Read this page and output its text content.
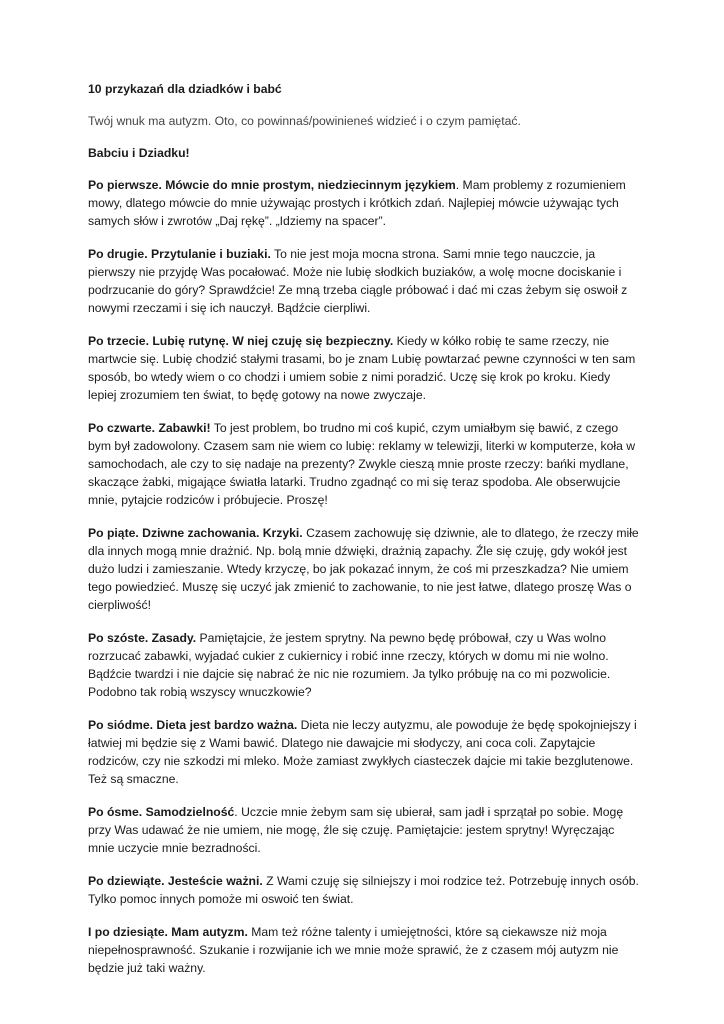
10 przykazań dla dziadków i babć

Twój wnuk ma autyzm. Oto, co powinnaś/powinieneś widzieć i o czym pamiętać.

Babciu i Dziadku!

Po pierwsze. Mówcie do mnie prostym, niedziecinnym językiem. Mam problemy z rozumieniem mowy, dlatego mówcie do mnie używając prostych i krótkich zdań. Najlepiej mówcie używając tych samych słów i zwrotów „Daj rękę”. „Idziemy na spacer”.

Po drugie. Przytulanie i buziaki. To nie jest moja mocna strona. Sami mnie tego nauczcie, ja pierwszy nie przyjdę Was pocałować. Może nie lubię słodkich buziaków, a wolę mocne dociskanie i podrzucanie do góry? Sprawdźcie! Ze mną trzeba ciągle próbować i dać mi czas żebym się oswoił z nowymi rzeczami i się ich nauczył. Bądźcie cierpliwi.

Po trzecie. Lubię rutynę. W niej czuję się bezpieczny. Kiedy w kółko robię te same rzeczy, nie martwcie się. Lubię chodzić stałymi trasami, bo je znam Lubię powtarzać pewne czynności w ten sam sposób, bo wtedy wiem o co chodzi i umiem sobie z nimi poradzić. Uczę się krok po kroku. Kiedy lepiej zrozumiem ten świat, to będę gotowy na nowe zwyczaje.

Po czwarte. Zabawki! To jest problem, bo trudno mi coś kupić, czym umiałbym się bawić, z czego bym był zadowolony. Czasem sam nie wiem co lubię: reklamy w telewizji, literki w komputerze, koła w samochodach, ale czy to się nadaje na prezenty? Zwykle cieszą mnie proste rzeczy: bańki mydlane, skaczące żabki, migające światła latarki. Trudno zgadnąć co mi się teraz spodoba. Ale obserwujcie mnie, pytajcie rodziców i próbujecie. Proszę!

Po piąte. Dziwne zachowania. Krzyki. Czasem zachowuję się dziwnie, ale to dlatego, że rzeczy miłe dla innych mogą mnie drażnić. Np. bolą mnie dźwięki, drażnią zapachy. Źle się czuję, gdy wokół jest dużo ludzi i zamieszanie. Wtedy krzyczę, bo jak pokazać innym, że coś mi przeszkadza? Nie umiem tego powiedzieć. Muszę się uczyć jak zmienić to zachowanie, to nie jest łatwe, dlatego proszę Was o cierpliwość!

Po szóste. Zasady. Pamiętajcie, że jestem sprytny. Na pewno będę próbował, czy u Was wolno rozrzucać zabawki, wyjadać cukier z cukiernicy i robić inne rzeczy, których w domu mi nie wolno. Bądźcie twardzi i nie dajcie się nabrać że nic nie rozumiem. Ja tylko próbuję na co mi pozwolicie. Podobno tak robią wszyscy wnuczkowie?

Po siódme. Dieta jest bardzo ważna. Dieta nie leczy autyzmu, ale powoduje że będę spokojniejszy i łatwiej mi będzie się z Wami bawić. Dlatego nie dawajcie mi słodyczy, ani coca coli. Zapytajcie rodziców, czy nie szkodzi mi mleko. Może zamiast zwykłych ciasteczek dajcie mi takie bezglutenowe. Też są smaczne.

Po ósme. Samodzielność. Uczcie mnie żebym sam się ubierał, sam jadł i sprzątał po sobie. Mogę przy Was udawać że nie umiem, nie mogę, źle się czuję. Pamiętajcie: jestem sprytny! Wyręczając mnie uczycie mnie bezradności.

Po dziewiąte. Jesteście ważni. Z Wami czuję się silniejszy i moi rodzice też. Potrzebuję innych osób. Tylko pomoc innych pomoże mi oswoić ten świat.

I po dziesiąte. Mam autyzm. Mam też różne talenty i umiejętności, które są ciekawsze niż moja niepełnosprawność. Szukanie i rozwijanie ich we mnie może sprawić, że z czasem mój autyzm nie będzie już taki ważny.
